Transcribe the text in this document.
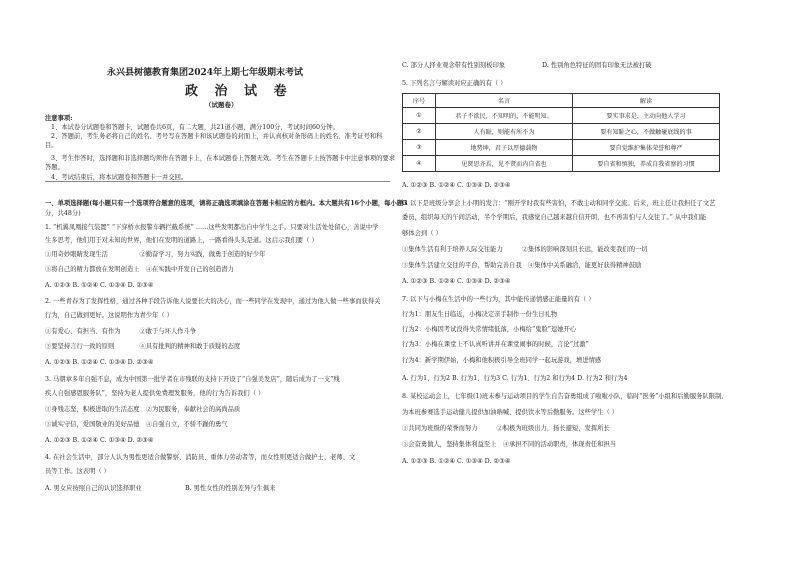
永兴县树德教育集团2024年上期七年级期末考试
政 治 试 卷
（试题卷）
注意事项:
1、本试卷分试题卷和答题卡，试题卷共6页，有二大题，共21道小题，满分100分，考试时间60分钟。
2、答题前，考生务必将自己的姓名、考号写在答题卡和该试题卷的封面上，并认真核对条形码上的姓名、准考证号和科
目。
3、考生作答时，选择题和非选择题均须作在答题卡上，在本试题卷上答题无效。考生在答题卡上按答题卡中注意事项的要求
答题。
4、考试结束后，将本试题卷和答题卡一并交回。
一、单项选择题(每小题只有一个选项符合题意的选项，请将正确选项填涂在答题卡相应的方框内。本大题共有16个小题，每小题3
分，共48分)
1. “机翼凤凰接气装置” “下穿桥水报警车辆拦截系统” ……这些发明都出自中学生之手。只要对生活处处留心，善说中学
生多思考，他们用于对未知的世界，他们在发明的道路上，一路看得头头是道。这启示我们要（ ）
①用奇妙眼睛发现生活　　　　　②勤奋学习，努力实践，做勇于创造的好少年
③将自己的精力都放在发明创造上　④在实践中开发自己的创造潜力
A. ①②③ B. ①②④ C. ①③④ D. ②③④
2. 一些青春为了发挥性格，通过各种手段告诉他人说要长大的决心，而一些同学在发现中，通过为他人做一些事而获得关
行为，自己做到更好。这说明作为青少年（ ）
①有爱心、有担当、有作为　　　②敢于与坏人作斗争
③要坚持言行一致的原则　　　　④具有批判的精神和敢于质疑的态度
A. ①②③ B. ①②④ C. ①③④ D. ②③④
3. 马朝章多年自强不息，成为中国第一批学者在市残联的支持下开设了“自强美发店”，随后成为了一支”残
疾人自强感恩服务队”，坚持为老人提供免费理发服务，他的行为告诉我们（ ）
①身残志坚，积极进取的生活态度　②为民服务，奉献社会的高尚品质
③诚实守信，爱国敬业的美好品德　④自强自立，不骄不躁的勇气
A. ①②③ B. ①②④ C. ①③④ D. ②③④
4. 在社会生活中，部分人认为男性更适合做警察、消防员、重体力劳动者等，而女性则更适合做护士、老师、文
员等工作。这表明（ ）
A. 男女应按照自己的认识选择职业	B. 男性女性的性别差异与生俱来
C. 部分人择业观念带有性别刻板印象	D. 性别角色特征的固有印象无法被打破
5. 下列名言与解读对应正确的有（ ）
序号	名言	解读
①	君子不欲民，不知明的，不能明知。	要实事求是，主动向他人学习
②	人有耻，则能有所不为	要有知耻之心，不做触碰底线的事
③	地势坤，君子以厚德载物	要自觉维护集体荣誉和尊严
④	见贤思齐焉，见不贤而内自省也	要自省和慎独，养成自我省察的习惯
A. ①②③ B. ①②④ C. ①③④ D. ②③④
6. 以下是班级分享会上小明的发言：“刚开学时我有些害怕，不敢主动和同学交流。后来，班主任让我担任了文艺
委员，组织每天的午间活动，半个学期后，我感觉自己越来越自信开朗，也不再害怕与人交往了。” 从中我们能
够体会到（ ）
①集体生活有利于培养人际交往能力　　　②集体的影响深刻且长远，能改变我们的一切
③集体生活建立交往的平台，帮助完善自我　④集体中关系融洽，能更好获得精神鼓励
A. ①②③ B. ①②④ C. ①③④ D. ②③④
7. 以下与小梅在生活中的一些行为，其中能传递情感正能量的有（ ）
行为1：朋友生日临近，小梅决定亲手制作一份生日礼物
行为2：小梅因考试没得失常情绪低落，小梅给“鬼脸”逗她开心
行为3：小梅在课堂上不认真听讲并在课堂闹事的时候，言论“过激”
行为4：新学期伊始，小梅和他积极引导全班同学一起玩游戏，增进情感
A. 行为1、行为2 B. 行为1、行为3 C. 行为1、行为2 和行为4 D. 行为2 和行为4
8. 某校运动会上，七年级(1)班未参与运动项目的学生自告奋勇组成了啦啦小队，临时“医务”小组和后勤服务队限制,
为本班参赛选手运动健儿提供加油呐喊、提供饮水等后勤服务。这些学生（ ）
①共同为班级的荣誉而努力　　　②积极为班级出力，扬长避短，发挥所长
③会奋勇做人，坚持集体利益至上　④承担不同的活动职责，体现责任和担当
A. ①②③ B. ①②④ C. ①③④ D. ②③④
